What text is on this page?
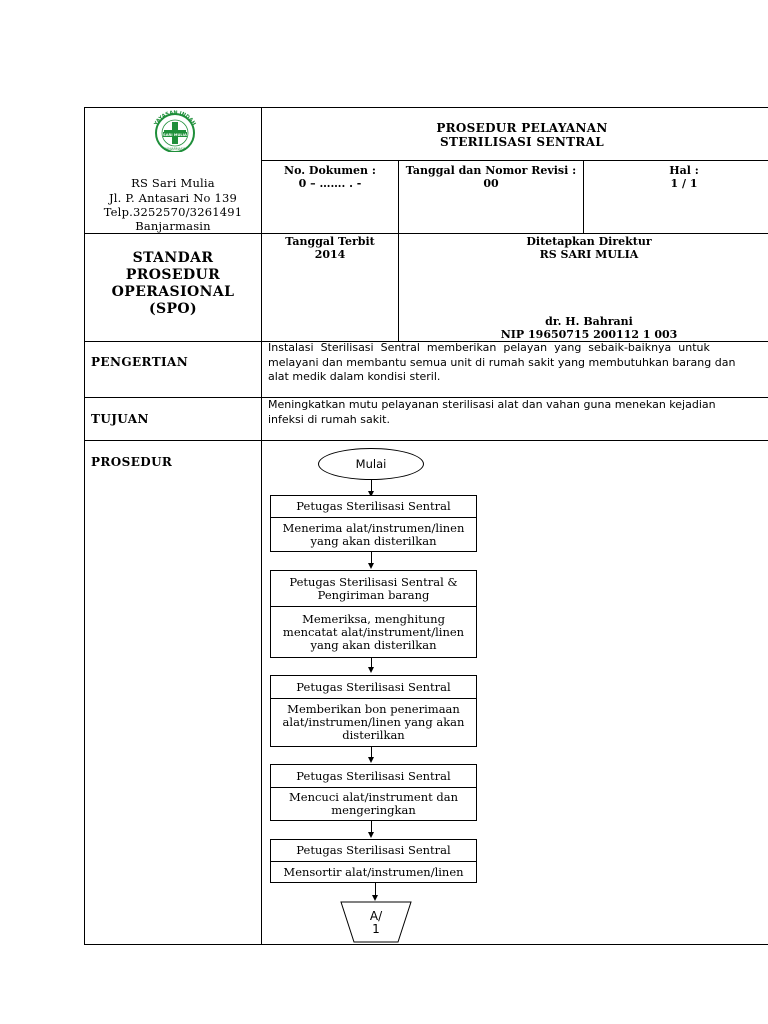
YAYASAN INDAH
SARI MULIA
BANJARMASIN
RS Sari Mulia
Jl. P. Antasari No 139
Telp.3252570/3261491
Banjarmasin
PROSEDUR PELAYANAN
STERILISASI SENTRAL
No. Dokumen :
0 – ……. . -
Tanggal dan Nomor Revisi :
00
Hal :
1 / 1
STANDAR
PROSEDUR
OPERASIONAL
(SPO)
Tanggal Terbit
2014
Ditetapkan Direktur
RS SARI MULIA
dr. H. Bahrani
NIP 19650715 200112 1 003
PENGERTIAN
Instalasi  Sterilisasi  Sentral  memberikan  pelayan  yang  sebaik-baiknya  untuk
melayani dan membantu semua unit di rumah sakit yang membutuhkan barang dan
alat medik dalam kondisi steril.
TUJUAN
Meningkatkan mutu pelayanan sterilisasi alat dan vahan guna menekan kejadian
infeksi di rumah sakit.
PROSEDUR	Mulai
Petugas Sterilisasi Sentral
Menerima alat/instrumen/linen
yang akan disterilkan
Petugas Sterilisasi Sentral &
Pengiriman barang
Memeriksa, menghitung
mencatat alat/instrument/linen
yang akan disterilkan
Petugas Sterilisasi Sentral
Memberikan bon penerimaan
alat/instrumen/linen yang akan
disterilkan
Petugas Sterilisasi Sentral
Mencuci alat/instrument dan
mengeringkan
Petugas Sterilisasi Sentral
Mensortir alat/instrumen/linen
A/
1
